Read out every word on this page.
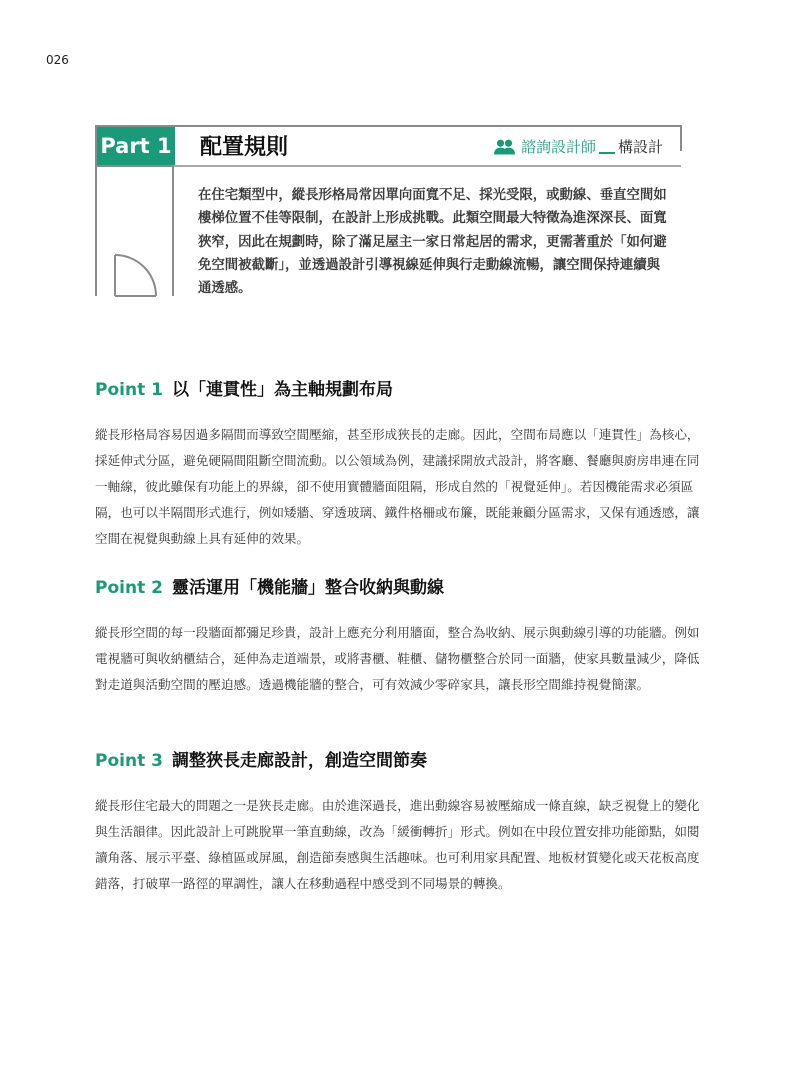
026
Part 1 配置規則	諮詢設計師 構設計

在住宅類型中，縱長形格局常因單向面寬不足、採光受限，或動線、垂直空間如樓梯位置不佳等限制，在設計上形成挑戰。此類空間最大特徵為進深深長、面寬狹窄，因此在規劃時，除了滿足屋主一家日常起居的需求，更需著重於「如何避免空間被截斷」，並透過設計引導視線延伸與行走動線流暢，讓空間保持連續與通透感。

Point 1 以「連貫性」為主軸規劃布局

縱長形格局容易因過多隔間而導致空間壓縮，甚至形成狹長的走廊。因此，空間布局應以「連貫性」為核心，採延伸式分區，避免硬隔間阻斷空間流動。以公領域為例，建議採開放式設計，將客廳、餐廳與廚房串連在同一軸線，彼此雖保有功能上的界線，卻不使用實體牆面阻隔，形成自然的「視覺延伸」。若因機能需求必須區隔，也可以半隔間形式進行，例如矮牆、穿透玻璃、鐵件格柵或布簾，既能兼顧分區需求，又保有通透感，讓空間在視覺與動線上具有延伸的效果。

Point 2 靈活運用「機能牆」整合收納與動線

縱長形空間的每一段牆面都彌足珍貴，設計上應充分利用牆面，整合為收納、展示與動線引導的功能牆。例如電視牆可與收納櫃結合，延伸為走道端景，或將書櫃、鞋櫃、儲物櫃整合於同一面牆，使家具數量減少，降低對走道與活動空間的壓迫感。透過機能牆的整合，可有效減少零碎家具，讓長形空間維持視覺簡潔。

Point 3 調整狹長走廊設計，創造空間節奏

縱長形住宅最大的問題之一是狹長走廊。由於進深過長，進出動線容易被壓縮成一條直線，缺乏視覺上的變化與生活韻律。因此設計上可跳脫單一筆直動線，改為「緩衝轉折」形式。例如在中段位置安排功能節點，如閱讀角落、展示平臺、綠植區或屏風，創造節奏感與生活趣味。也可利用家具配置、地板材質變化或天花板高度錯落，打破單一路徑的單調性，讓人在移動過程中感受到不同場景的轉換。
